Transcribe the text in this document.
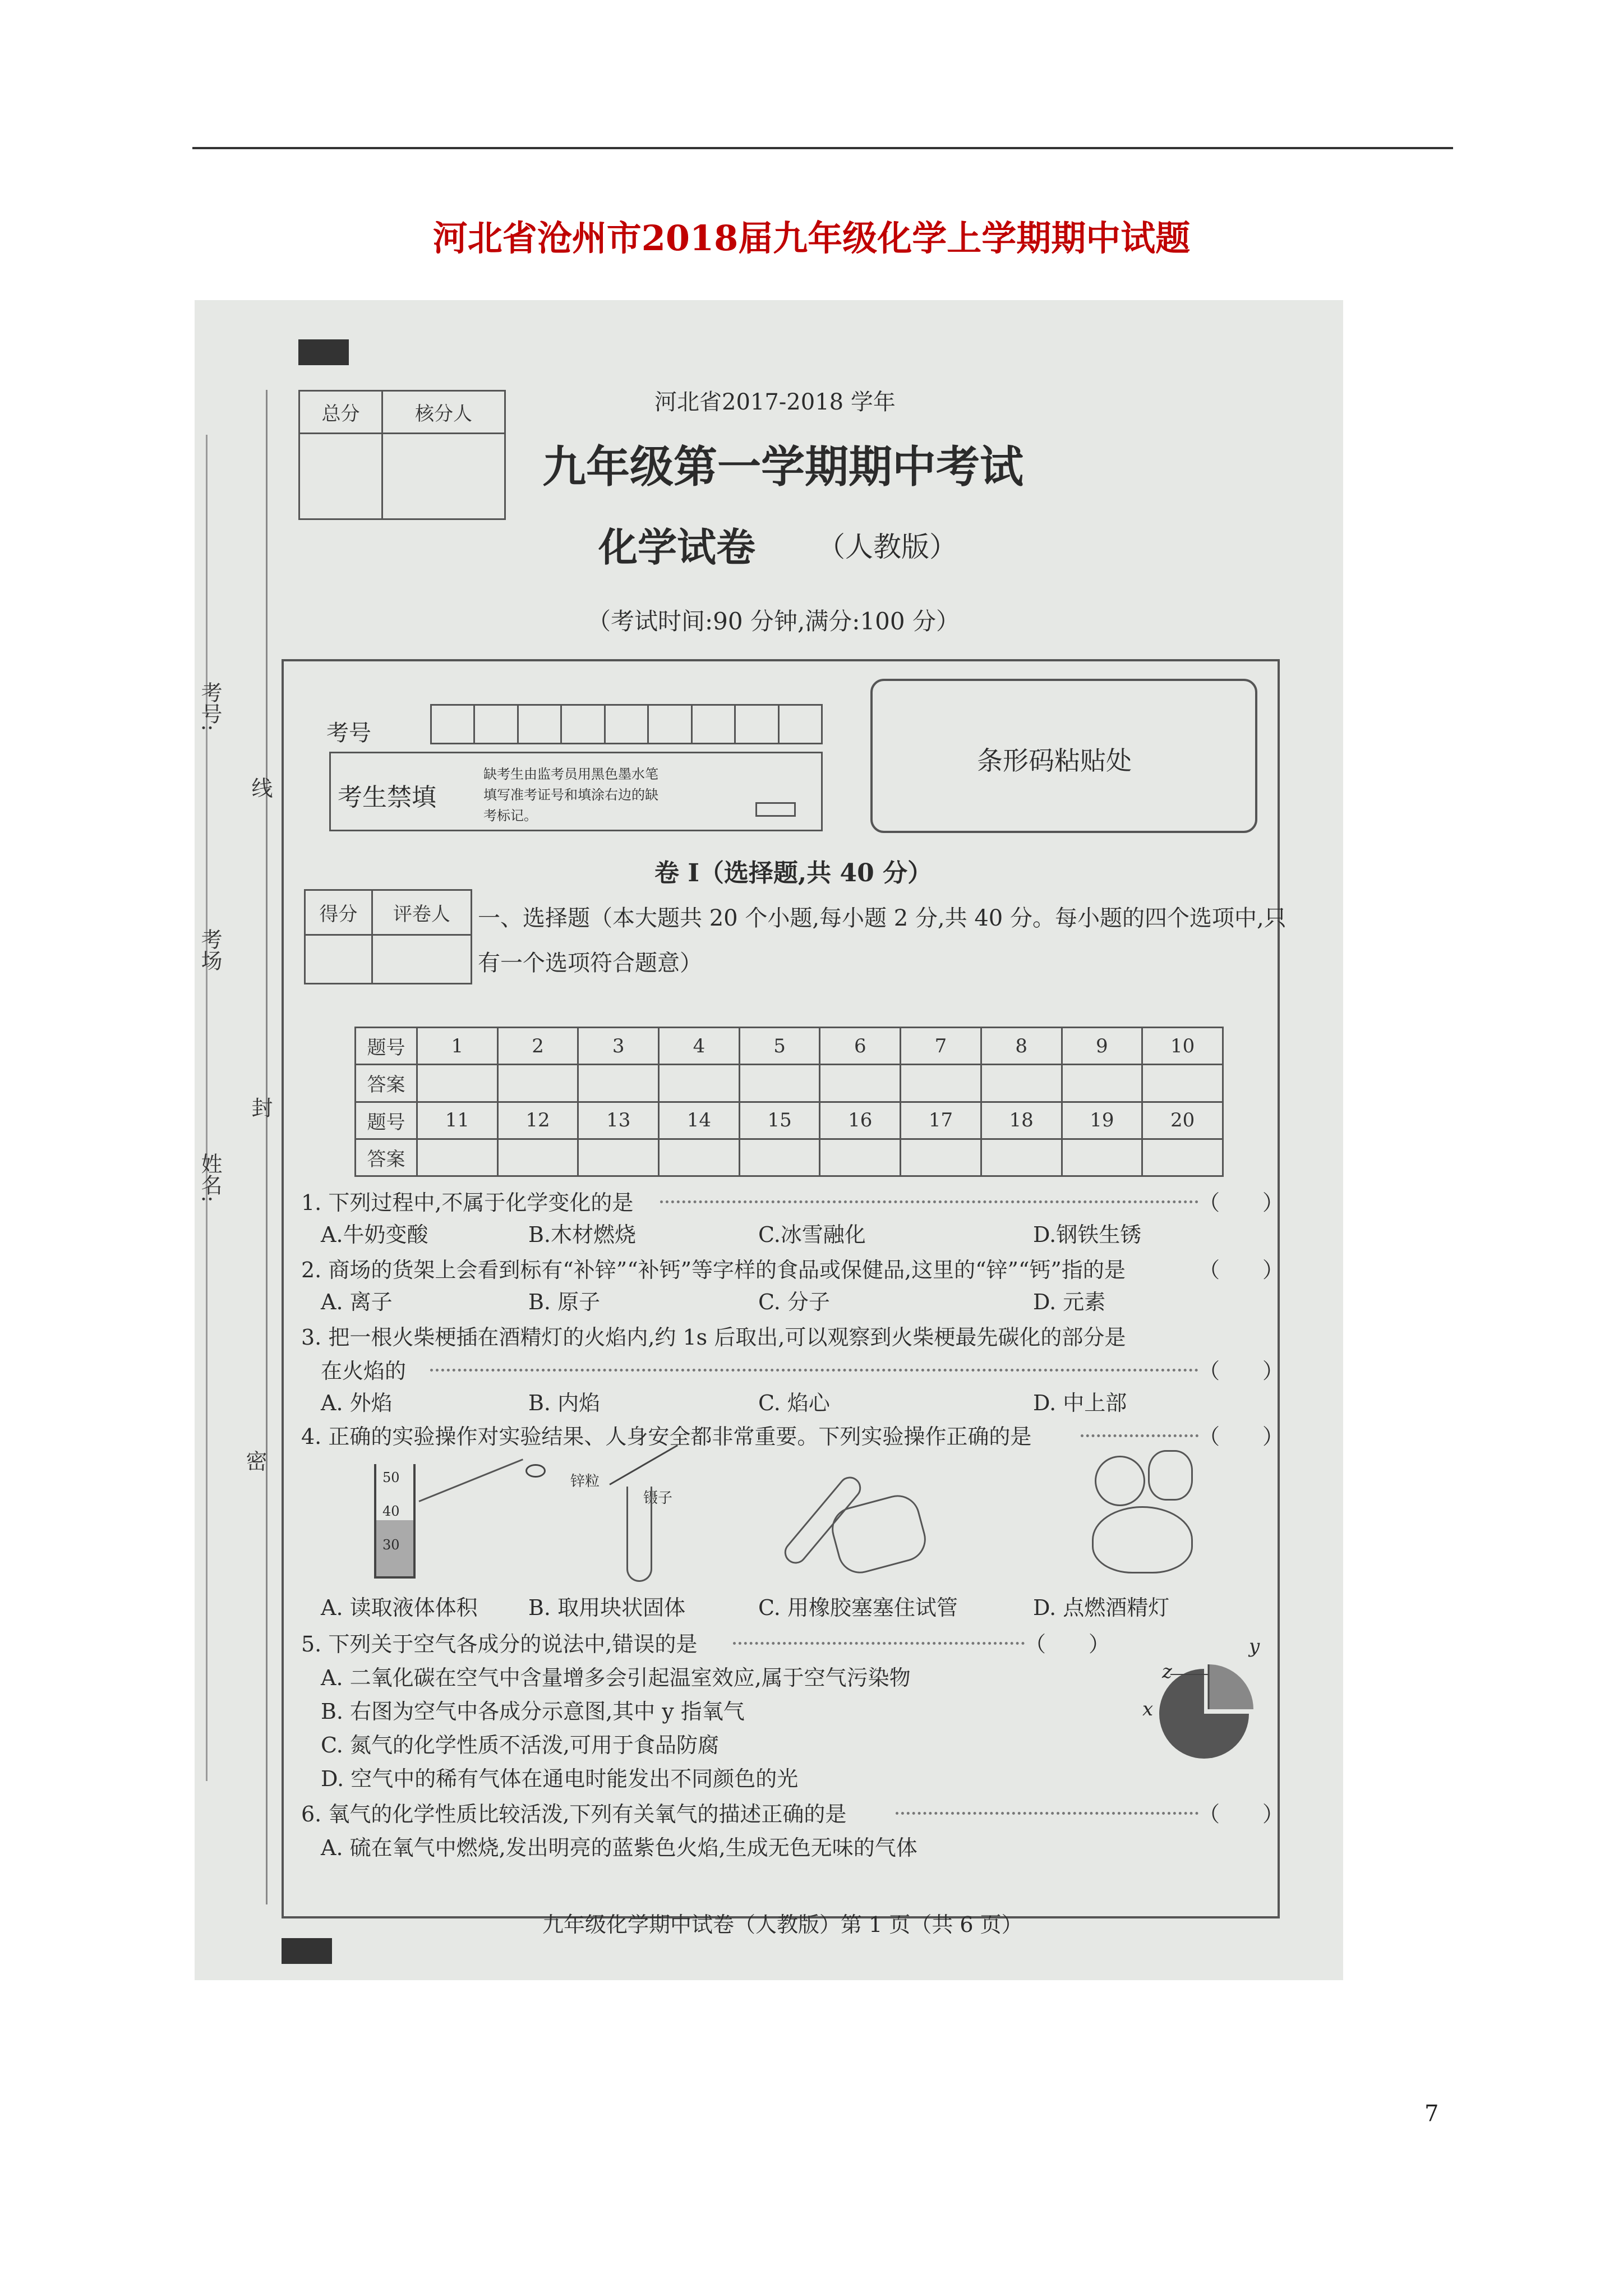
河北省沧州市2018届九年级化学上学期期中试题
考号:
线
考场
封
姓名:
密
总分	核分人
		河北省2017-2018 学年
九年级第一学期期中考试
化学试卷 （人教版）
（考试时间:90 分钟,满分:100 分）
考号

考生禁填
缺考生由监考员用黑色墨水笔
填写准考证号和填涂右边的缺
考标记。
条形码粘贴处
卷 I（选择题,共 40 分）
得分	评卷人
	一、选择题（本大题共 20 个小题,每小题 2 分,共 40 分。每小题的四个选项中,只
有一个选项符合题意）
题号	1	2	3	4	5	6	7	8	9	10
答案										
题号	11	12	13	14	15	16	17	18	19	20
答案										
1. 下列过程中,不属于化学变化的是	（　　）
A.牛奶变酸	B.木材燃烧	C.冰雪融化	D.钢铁生锈
2. 商场的货架上会看到标有“补锌”“补钙”等字样的食品或保健品,这里的“锌”“钙”指的是	（　　）
A. 离子	B. 原子	C. 分子	D. 元素
3. 把一根火柴梗插在酒精灯的火焰内,约 1s 后取出,可以观察到火柴梗最先碳化的部分是
在火焰的	（　　）
A. 外焰	B. 内焰	C. 焰心	D. 中上部
4. 正确的实验操作对实验结果、人身安全都非常重要。下列实验操作正确的是	（　　）
50
40
30
锌粒
镊子
A. 读取液体体积 B. 取用块状固体	C. 用橡胶塞塞住试管	D. 点燃酒精灯
5. 下列关于空气各成分的说法中,错误的是	（　　）
A. 二氧化碳在空气中含量增多会引起温室效应,属于空气污染物
B. 右图为空气中各成分示意图,其中 y 指氧气
C. 氮气的化学性质不活泼,可用于食品防腐
D. 空气中的稀有气体在通电时能发出不同颜色的光
y
z
x
6. 氧气的化学性质比较活泼,下列有关氧气的描述正确的是	（　　）
A. 硫在氧气中燃烧,发出明亮的蓝紫色火焰,生成无色无味的气体
九年级化学期中试卷（人教版）第 1 页（共 6 页）
7
